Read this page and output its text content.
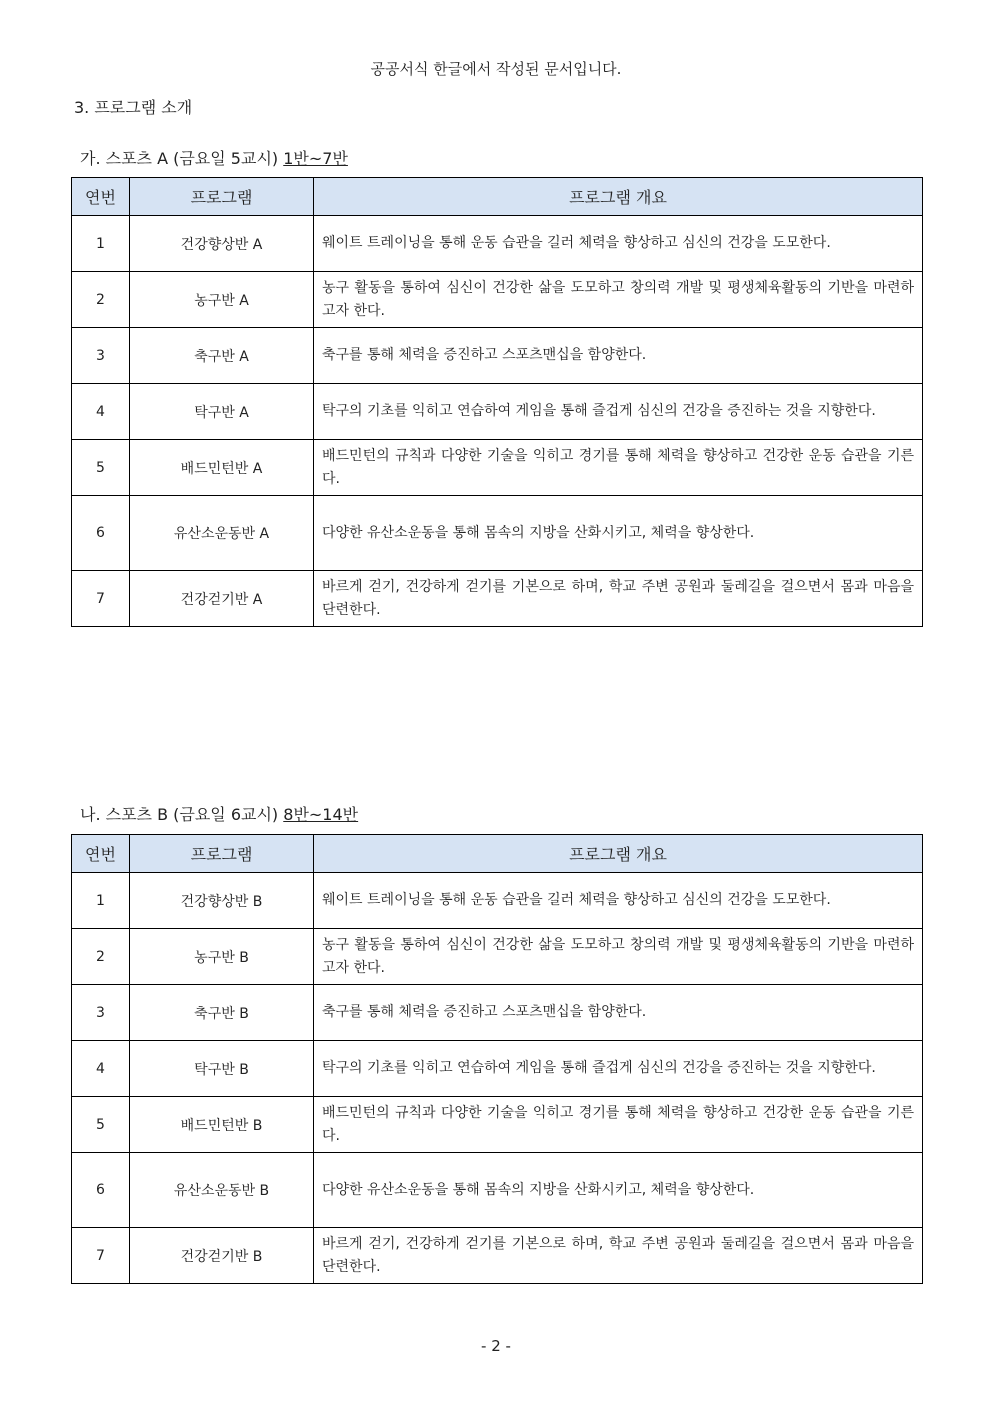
공공서식 한글에서 작성된 문서입니다.
3. 프로그램 소개
가. 스포츠 A (금요일 5교시) 1반~7반
연번	프로그램	프로그램 개요
1	건강향상반 A	웨이트 트레이닝을 통해 운동 습관을 길러 체력을 향상하고 심신의 건강을 도모한다.
2	농구반 A	농구 활동을 통하여 심신이 건강한 삶을 도모하고 창의력 개발 및 평생체육활동의 기반을 마련하고자 한다.
3	축구반 A	축구를 통해 체력을 증진하고 스포츠맨십을 함양한다.
4	탁구반 A	탁구의 기초를 익히고 연습하여 게임을 통해 즐겁게 심신의 건강을 증진하는 것을 지향한다.
5	배드민턴반 A	배드민턴의 규칙과 다양한 기술을 익히고 경기를 통해 체력을 향상하고 건강한 운동 습관을 기른다.
6	유산소운동반 A	다양한 유산소운동을 통해 몸속의 지방을 산화시키고, 체력을 향상한다.
7	건강걷기반 A	바르게 걷기, 건강하게 걷기를 기본으로 하며, 학교 주변 공원과 둘레길을 걸으면서 몸과 마음을 단련한다.
나. 스포츠 B (금요일 6교시) 8반~14반
연번	프로그램	프로그램 개요
1	건강향상반 B	웨이트 트레이닝을 통해 운동 습관을 길러 체력을 향상하고 심신의 건강을 도모한다.
2	농구반 B	농구 활동을 통하여 심신이 건강한 삶을 도모하고 창의력 개발 및 평생체육활동의 기반을 마련하고자 한다.
3	축구반 B	축구를 통해 체력을 증진하고 스포츠맨십을 함양한다.
4	탁구반 B	탁구의 기초를 익히고 연습하여 게임을 통해 즐겁게 심신의 건강을 증진하는 것을 지향한다.
5	배드민턴반 B	배드민턴의 규칙과 다양한 기술을 익히고 경기를 통해 체력을 향상하고 건강한 운동 습관을 기른다.
6	유산소운동반 B	다양한 유산소운동을 통해 몸속의 지방을 산화시키고, 체력을 향상한다.
7	건강걷기반 B	바르게 걷기, 건강하게 걷기를 기본으로 하며, 학교 주변 공원과 둘레길을 걸으면서 몸과 마음을 단련한다.
- 2 -
